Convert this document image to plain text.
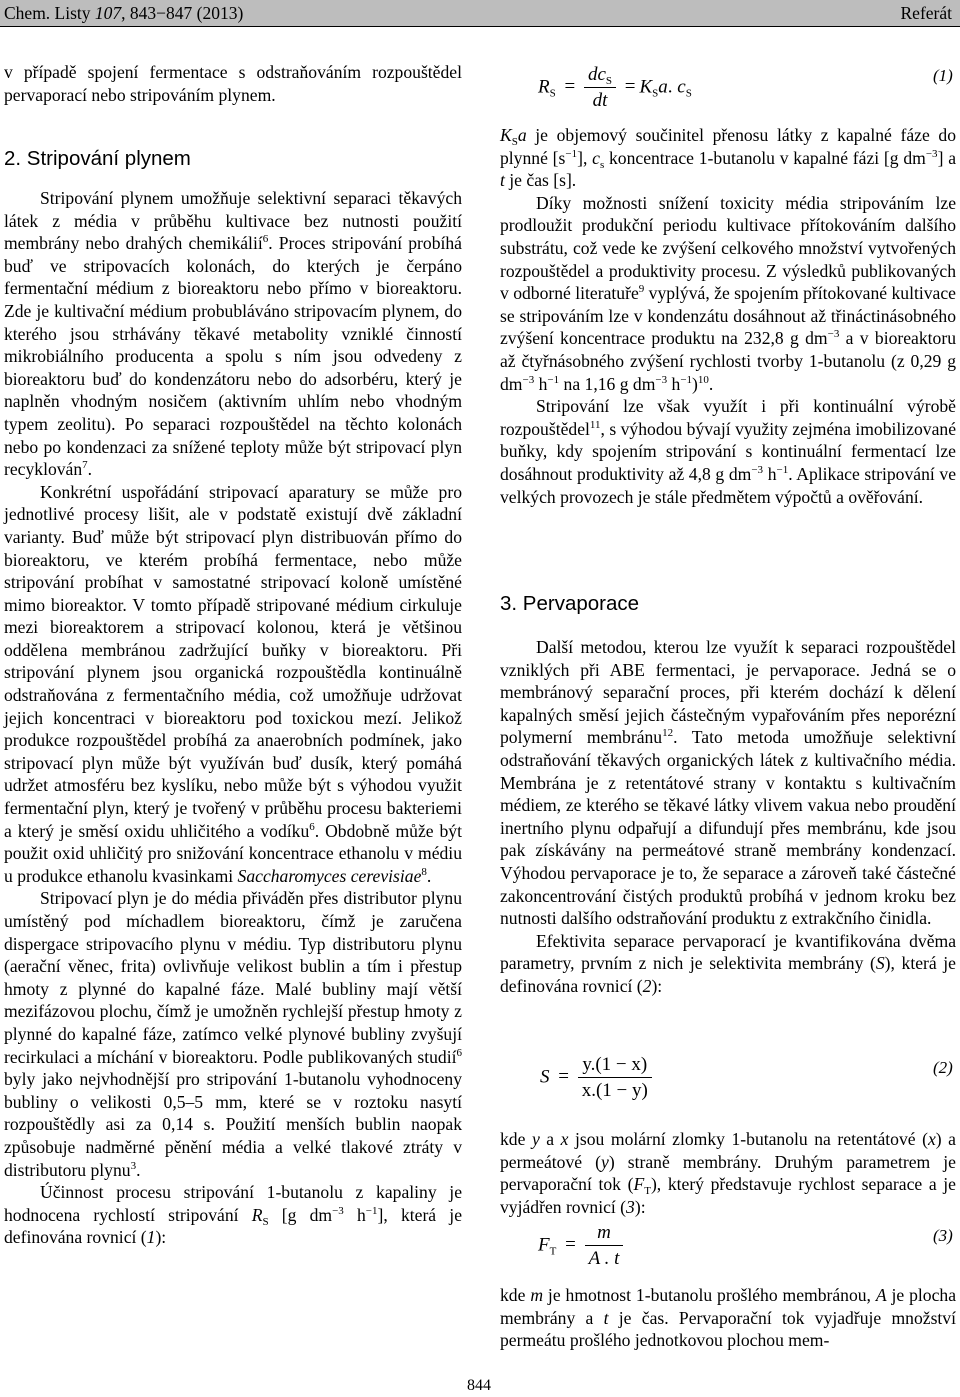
Chem. Listy 107, 843−847 (2013)	Referát

v případě spojení fermentace s odstraňováním rozpouštědel pervaporací nebo stripováním plynem.

2. Stripování plynem

Stripování plynem umožňuje selektivní separaci těkavých látek z média v průběhu kultivace bez nutnosti použití membrány nebo drahých chemikálií$^6$. Proces stripování probíhá buď ve stripovacích kolonách, do kterých je čerpáno fermentační médium z bioreaktoru nebo přímo v bioreaktoru. Zde je kultivační médium probubláváno stripovacím plynem, do kterého jsou strhávány těkavé metabolity vzniklé činností mikrobiálního producenta a spolu s ním jsou odvedeny z bioreaktoru buď do kondenzátoru nebo do adsorbéru, který je naplněn vhodným nosičem (aktivním uhlím nebo vhodným typem zeolitu). Po separaci rozpouštědel na těchto kolonách nebo po kondenzaci za snížené teploty může být stripovací plyn recyklován$^7$.

Konkrétní uspořádání stripovací aparatury se může pro jednotlivé procesy lišit, ale v podstatě existují dvě základní varianty. Buď může být stripovací plyn distribuován přímo do bioreaktoru, ve kterém probíhá fermentace, nebo může stripování probíhat v samostatné stripovací koloně umístěné mimo bioreaktor. V tomto případě stripované médium cirkuluje mezi bioreaktorem a stripovací kolonou, která je většinou oddělena membránou zadržující buňky v bioreaktoru. Při stripování plynem jsou organická rozpouštědla kontinuálně odstraňována z fermentačního média, což umožňuje udržovat jejich koncentraci v bioreaktoru pod toxickou mezí. Jelikož produkce rozpouštědel probíhá za anaerobních podmínek, jako stripovací plyn může být využíván buď dusík, který pomáhá udržet atmosféru bez kyslíku, nebo může být s výhodou využit fermentační plyn, který je tvořený v průběhu procesu bakteriemi a který je směsí oxidu uhličitého a vodíku$^6$. Obdobně může být použit oxid uhličitý pro snižování koncentrace ethanolu v médiu u produkce ethanolu kvasinkami Saccharomyces cerevisiae$^8$.

Stripovací plyn je do média přiváděn přes distributor plynu umístěný pod míchadlem bioreaktoru, čímž je zaručena dispergace stripovacího plynu v médiu. Typ distributoru plynu (aerační věnec, frita) ovlivňuje velikost bublin a tím i přestup hmoty z plynné do kapalné fáze. Malé bubliny mají větší mezifázovou plochu, čímž je umožněn rychlejší přestup hmoty z plynné do kapalné fáze, zatímco velké plynové bubliny zvyšují recirkulaci a míchání v bioreaktoru. Podle publikovaných studií$^6$ byly jako nejvhodnější pro stripování 1-butanolu vyhodnoceny bubliny o velikosti 0,5–5 mm, které se v roztoku nasytí rozpouštědly asi za 0,14 s. Použití menších bublin naopak způsobuje nadměrné pěnění média a velké tlakové ztráty v distributoru plynu$^3$.

Účinnost procesu stripování 1-butanolu z kapaliny je hodnocena rychlostí stripování $R_S$ [g $dm^{-3}$ $h^{-1}$], která je definována rovnicí (1):

$R_S = \frac{dc_S}{dt} = K_Sa$. $c_S$
(1)

$K_Sa$ je objemový součinitel přenosu látky z kapalné fáze do plynné $[s^{-1}]$, $c_s$ koncentrace 1-butanolu v kapalné fázi [g $dm^{-3}$] a t je čas [s].

Díky možnosti snížení toxicity média stripováním lze prodloužit produkční periodu kultivace přítokováním dalšího substrátu, což vede ke zvýšení celkového množství vytvořených rozpouštědel a produktivity procesu. Z výsledků publikovaných v odborné literatuře$^9$ vyplývá, že spojením přítokované kultivace se stripováním lze v kondenzátu dosáhnout až třináctinásobného zvýšení koncentrace produktu na 232,8 g $dm^{-3}$ a v bioreaktoru až čtyřnásobného zvýšení rychlosti tvorby 1-butanolu (z 0,29 g $dm^{-3}$ $h^{-1}$ na 1,16 g $dm^{-3}$ $h^{-1})^{10}$.

Stripování lze však využít i při kontinuální výrobě rozpouštědel$^{11}$, s výhodou bývají využity zejména imobilizované buňky, kdy spojením stripování s kontinuální fermentací lze dosáhnout produktivity až 4,8 g $dm^{-3}$ $h^{-1}$. Aplikace stripování ve velkých provozech je stále předmětem výpočtů a ověřování.

3. Pervaporace

Další metodou, kterou lze využít k separaci rozpouštědel vzniklých při ABE fermentaci, je pervaporace. Jedná se o membránový separační proces, při kterém dochází k dělení kapalných směsí jejich částečným vypařováním přes neporézní polymerní membránu$^{12}$. Tato metoda umožňuje selektivní odstraňování těkavých organických látek z kultivačního média. Membrána je z retentátové strany v kontaktu s kultivačním médiem, ze kterého se těkavé látky vlivem vakua nebo proudění inertního plynu odpařují a difundují přes membránu, kde jsou pak získávány na permeátové straně membrány kondenzací. Výhodou pervaporace je to, že separace a zároveň také částečné zakoncentrování čistých produktů probíhá v jednom kroku bez nutnosti dalšího odstraňování produktu z extrakčního činidla.

Efektivita separace pervaporací je kvantifikována dvěma parametry, prvním z nich je selektivita membrány (S), která je definována rovnicí (2):

$S = \frac{y.(1 - x)}{x.(1 - y)}$	(2)

kde y a x jsou molární zlomky 1-butanolu na retentátové (x) a permeátové (y) straně membrány. Druhým parametrem je pervaporační tok $(F_T)$, který představuje rychlost separace a je vyjádřen rovnicí (3):

$F_T = \frac{m}{A . t}$	(3)

kde m je hmotnost 1-butanolu prošlého membránou, A je plocha membrány a t je čas. Pervaporační tok vyjadřuje množství permeátu prošlého jednotkovou plochou mem-

844
